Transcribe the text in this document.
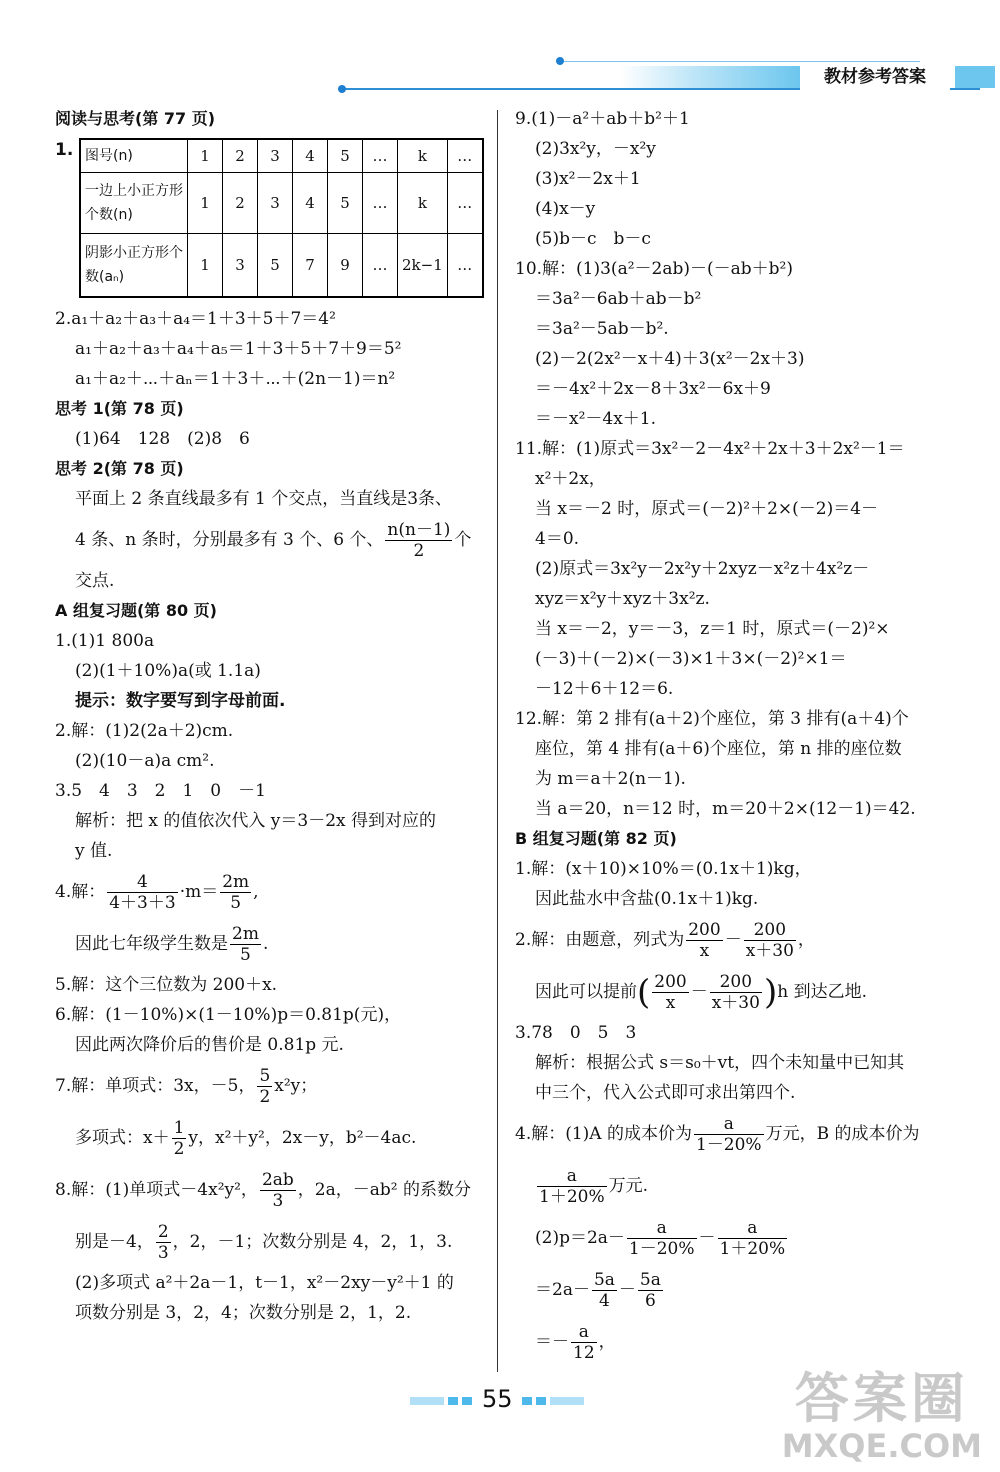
教材参考答案
阅读与思考(第 77 页)
1. 图号(n)	1	2	3	4	5	…	k	…
一边上小正方形个数(n)	1	2	3	4	5	…	k	…
阴影小正方形个数(aₙ)	1	3	5	7	9	…	2k−1	…
2.a₁＋a₂＋a₃＋a₄＝1＋3＋5＋7＝4²
a₁＋a₂＋a₃＋a₄＋a₅＝1＋3＋5＋7＋9＝5²
a₁＋a₂＋⋯＋aₙ＝1＋3＋⋯＋(2n－1)＝n²
思考 1(第 78 页)
(1)64　128　(2)8　6
思考 2(第 78 页)
平面上 2 条直线最多有 1 个交点，当直线是3条、
4 条、n 条时，分别最多有 3 个、6 个、 $\frac{n(n-1)}{2}$ 个
交点.
A 组复习题(第 80 页)
1.(1)1 800a
(2)(1＋10%)a(或 1.1a)
提示：数字要写到字母前面.
2.解：(1)2(2a＋2)cm.
(2)(10－a)a cm².
3.5　4　3　2　1　0　－1
解析：把 x 的值依次代入 y＝3－2x 得到对应的
y 值.
4.解： $\frac{4}{4+3+3} \cdot m= \frac{2m}{5}$ ,
因此七年级学生数是 $\frac{2m}{5}$ .
5.解：这个三位数为 200＋x.
6.解：(1－10%)×(1－10%)p＝0.81p(元)，
因此两次降价后的售价是 0.81p 元.
7.解：单项式：3x，－5， $\frac{5}{2} x^2y$；
多项式：$x+ \frac{1}{2}$ y，x²＋y²，2x－y，b²－4ac.
8.解：(1)单项式－4x²y²， $\frac{2ab}{3}$ ，2a，－ab² 的系数分
别是－4， $\frac{2}{3}$ ，2，－1；次数分别是 4，2，1，3.
(2)多项式 a²＋2a－1，t－1，x²－2xy－y²＋1 的
项数分别是 3，2，4；次数分别是 2，1，2.
9.(1)－a²＋ab＋b²＋1
(2)3x²y，－x²y
(3)x²－2x＋1
(4)x－y
(5)b－c　b－c
10.解：(1)3(a²－2ab)－(－ab＋b²)
＝3a²－6ab＋ab－b²
＝3a²－5ab－b².
(2)－2(2x²－x＋4)＋3(x²－2x＋3)
＝－4x²＋2x－8＋3x²－6x＋9
＝－x²－4x＋1.
11.解：(1)原式＝3x²－2－4x²＋2x＋3＋2x²－1＝
x²＋2x，
当 x＝－2 时，原式＝(－2)²＋2×(－2)＝4－
4＝0.
(2)原式＝3x²y－2x²y＋2xyz－x²z＋4x²z－
xyz＝x²y＋xyz＋3x²z.
当 x＝－2，y＝－3，z＝1 时，原式＝(－2)²×
(－3)＋(－2)×(－3)×1＋3×(－2)²×1＝
－12＋6＋12＝6.
12.解：第 2 排有(a＋2)个座位，第 3 排有(a＋4)个
座位，第 4 排有(a＋6)个座位，第 n 排的座位数
为 m＝a＋2(n－1).
当 a＝20，n＝12 时，m＝20＋2×(12－1)＝42.
B 组复习题(第 82 页)
1.解：(x＋10)×10%＝(0.1x＋1)kg，
因此盐水中含盐(0.1x＋1)kg.
2.解：由题意，列式为 $\frac{200}{x} - \frac{200}{x+30}$ ，
因此可以提前( $\frac{200}{x} - \frac{200}{x+30} )h$ 到达乙地.
3.78　0　5　3
解析：根据公式 s＝s₀＋vt，四个未知量中已知其
中三个，代入公式即可求出第四个.
4.解：(1)A 的成本价为 $\frac{a}{1-20\%}$ 万元，B 的成本价为
$\frac{a}{1+20\%}$ 万元.
$(2)p=2a- \frac{a}{1-20\%} - \frac{a}{1+20\%}$
$=2a- \frac{5a}{4} - \frac{5a}{6}$
＝－ $\frac{a}{12}$ ，
55	答案圈
MXQE.COM
